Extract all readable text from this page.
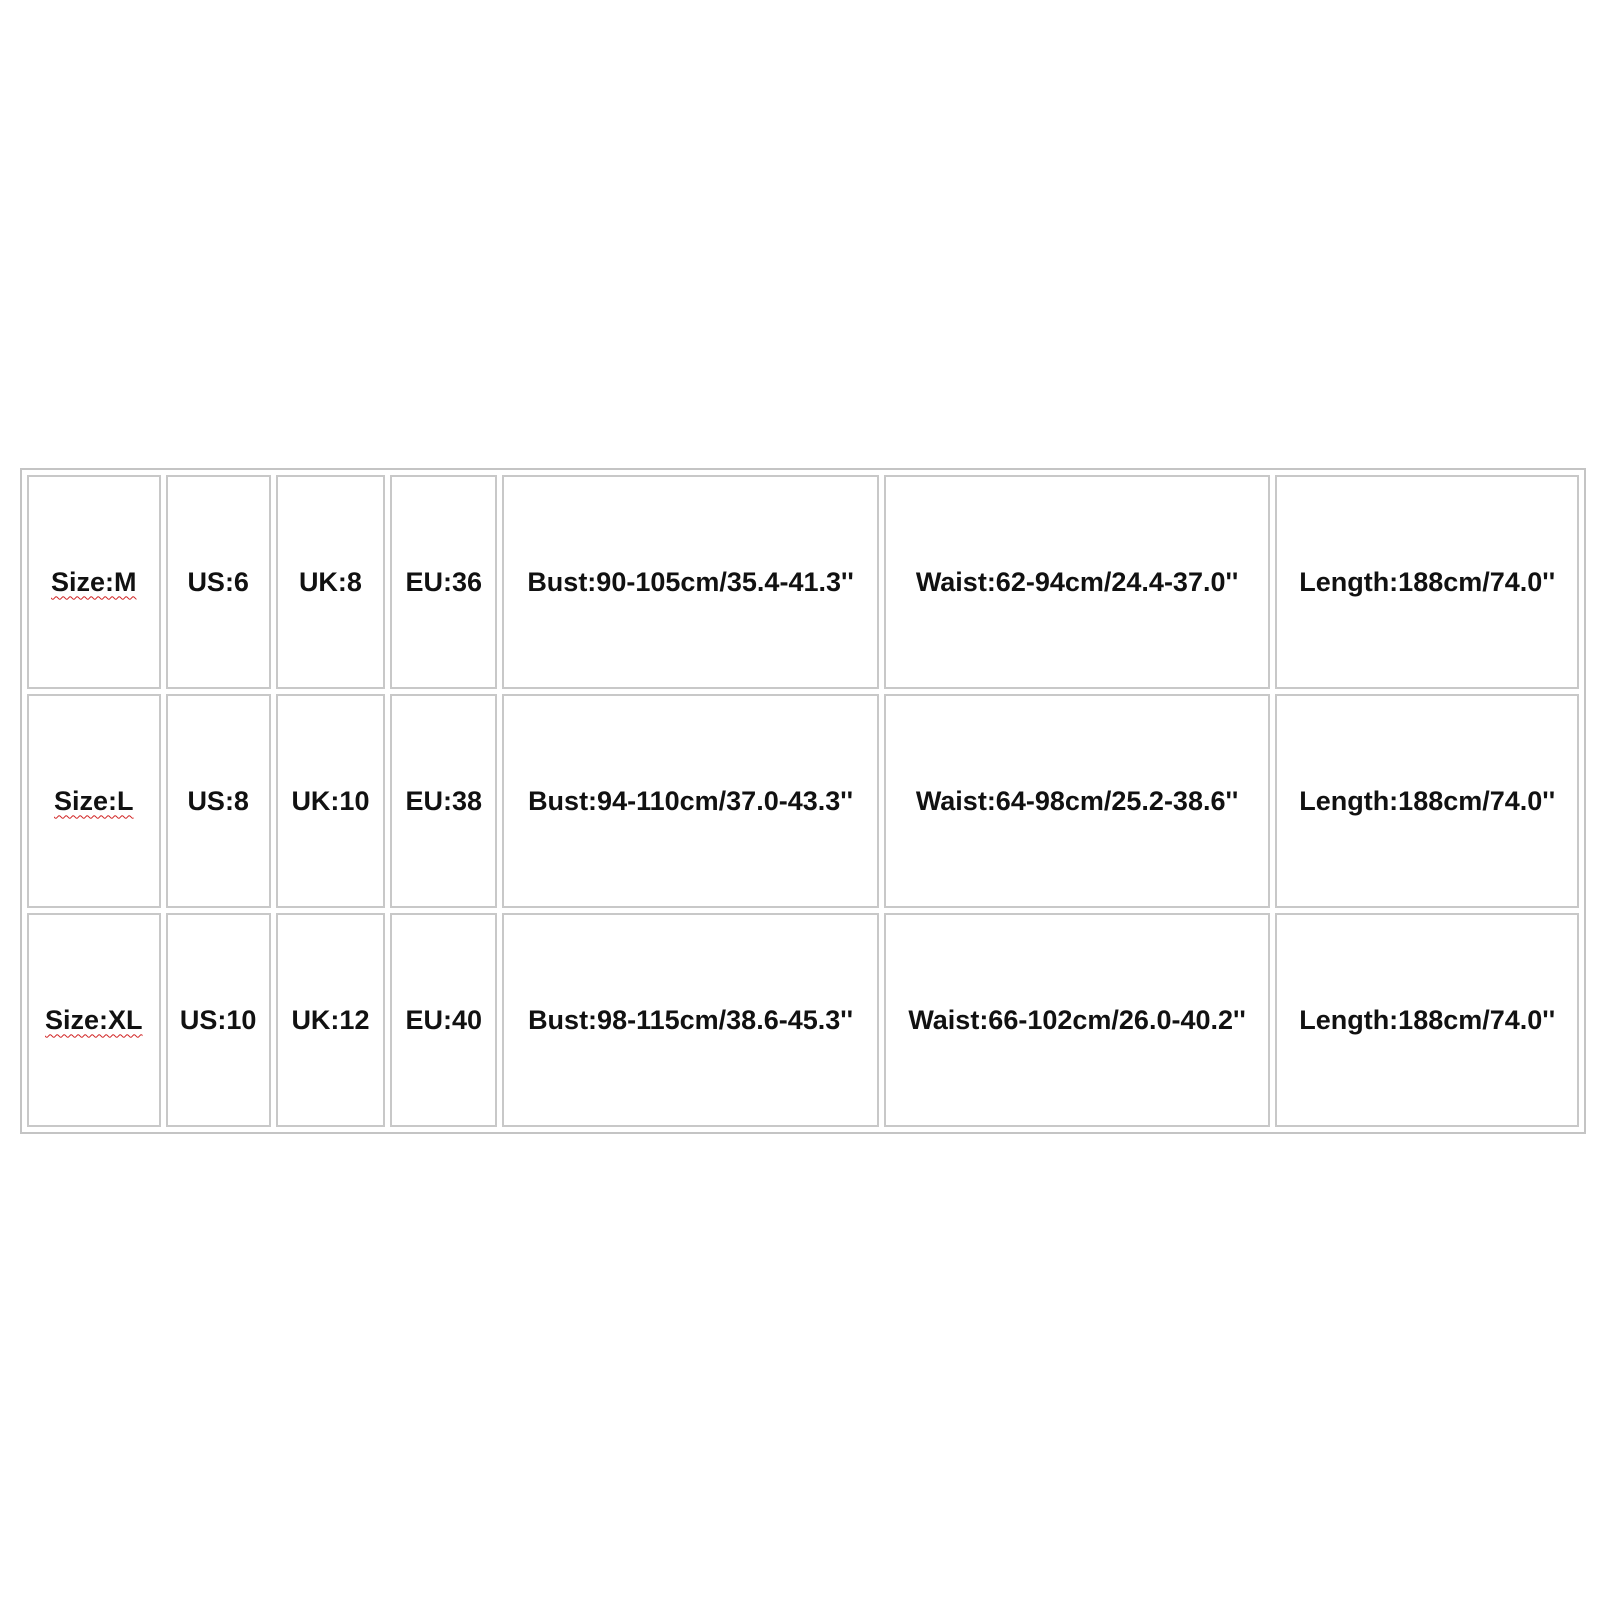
Size:M	US:6	UK:8	EU:36	Bust:90-105cm/35.4-41.3''	Waist:62-94cm/24.4-37.0''	Length:188cm/74.0''
Size:L	US:8	UK:10	EU:38	Bust:94-110cm/37.0-43.3''	Waist:64-98cm/25.2-38.6''	Length:188cm/74.0''
Size:XL	US:10	UK:12	EU:40	Bust:98-115cm/38.6-45.3''	Waist:66-102cm/26.0-40.2''	Length:188cm/74.0''
